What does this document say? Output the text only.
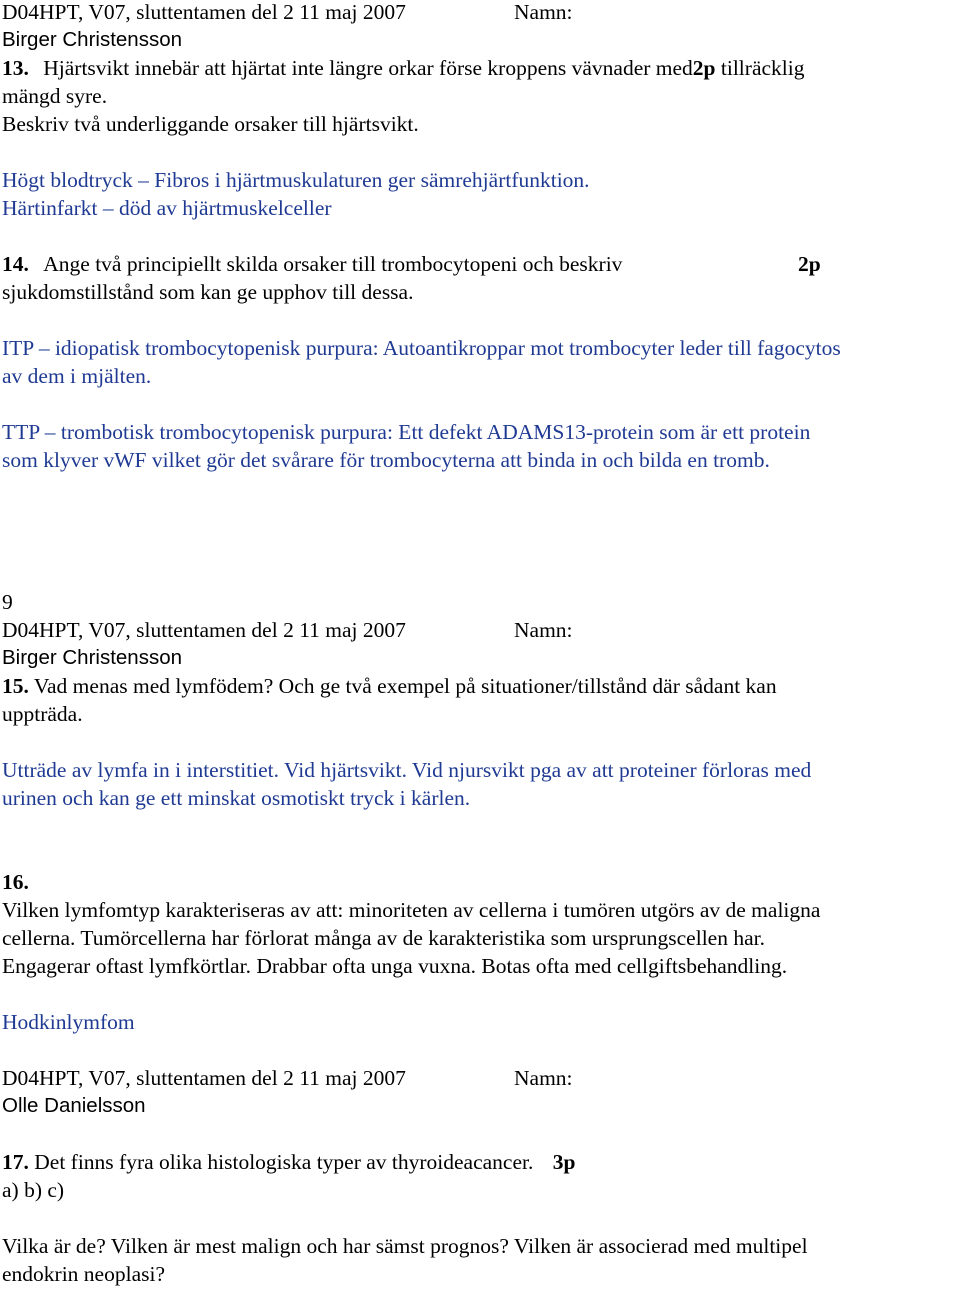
D04HPT, V07, sluttentamen del 2 11 maj 2007	Namn:
Birger Christensson
13. Hjärtsvikt innebär att hjärtat inte längre orkar förse kroppens vävnader med2p tillräcklig
mängd syre.
Beskriv två underliggande orsaker till hjärtsvikt.
Högt blodtryck – Fibros i hjärtmuskulaturen ger sämrehjärtfunktion.
Härtinfarkt – död av hjärtmuskelceller
14. Ange två principiellt skilda orsaker till trombocytopeni och beskriv	2p
sjukdomstillstånd som kan ge upphov till dessa.
ITP – idiopatisk trombocytopenisk purpura: Autoantikroppar mot trombocyter leder till fagocytos
av dem i mjälten.
TTP – trombotisk trombocytopenisk purpura: Ett defekt ADAMS13-protein som är ett protein
som klyver vWF vilket gör det svårare för trombocyterna att binda in och bilda en tromb.
9
D04HPT, V07, sluttentamen del 2 11 maj 2007	Namn:
Birger Christensson
15. Vad menas med lymfödem? Och ge två exempel på situationer/tillstånd där sådant kan
uppträda.
Utträde av lymfa in i interstitiet. Vid hjärtsvikt. Vid njursvikt pga av att proteiner förloras med
urinen och kan ge ett minskat osmotiskt tryck i kärlen.
16.
Vilken lymfomtyp karakteriseras av att: minoriteten av cellerna i tumören utgörs av de maligna
cellerna. Tumörcellerna har förlorat många av de karakteristika som ursprungscellen har.
Engagerar oftast lymfkörtlar. Drabbar ofta unga vuxna. Botas ofta med cellgiftsbehandling.
Hodkinlymfom
D04HPT, V07, sluttentamen del 2 11 maj 2007	Namn:
Olle Danielsson
17. Det finns fyra olika histologiska typer av thyroideacancer. 3p
a) b) c)
Vilka är de? Vilken är mest malign och har sämst prognos? Vilken är associerad med multipel
endokrin neoplasi?
